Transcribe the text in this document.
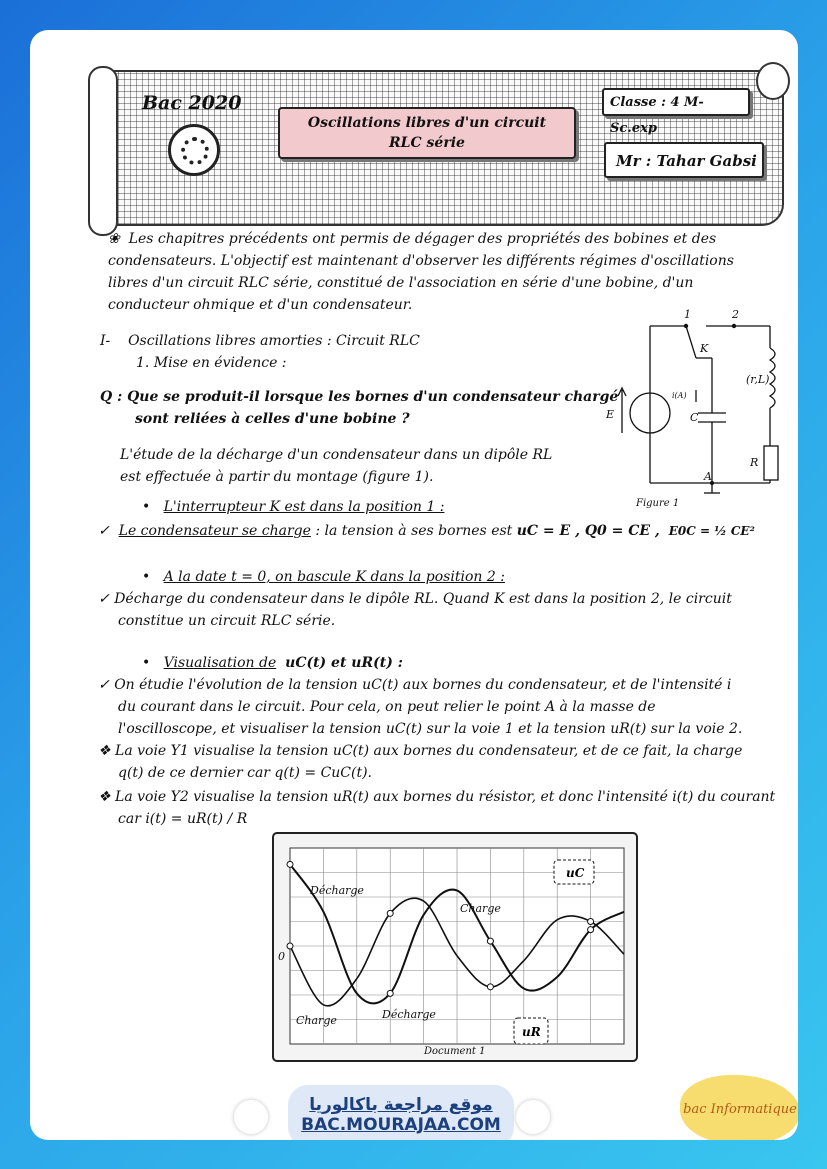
Bac 2020
Oscillations libres d'un circuit
RLC série
Classe : 4 M- Sc.exp
Mr : Tahar Gabsi
❀ Les chapitres précédents ont permis de dégager des propriétés des bobines et des
condensateurs. L'objectif est maintenant d'observer les différents régimes d'oscillations
libres d'un circuit RLC série, constitué de l'association en série d'une bobine, d'un
conducteur ohmique et d'un condensateur.
I- Oscillations libres amorties : Circuit RLC
1. Mise en évidence :
Q : Que se produit-il lorsque les bornes d'un condensateur chargé
sont reliées à celles d'une bobine ?
L'étude de la décharge d'un condensateur dans un dipôle RL
est effectuée à partir du montage (figure 1).
1	2
K
i(A)
(r,L)
C
E
R
A
Figure 1
•   L'interrupteur K est dans la position 1 :
✓  Le condensateur se charge : la tension à ses bornes est uC = E , Q0 = CE , E0C = ½ CE²
•   A la date t = 0, on bascule K dans la position 2 :
✓ Décharge du condensateur dans le dipôle RL. Quand K est dans la position 2, le circuit
constitue un circuit RLC série.
•   Visualisation de uC(t) et uR(t) :
✓ On étudie l'évolution de la tension uC(t) aux bornes du condensateur, et de l'intensité i
du courant dans le circuit. Pour cela, on peut relier le point A à la masse de
l'oscilloscope, et visualiser la tension uC(t) sur la voie 1 et la tension uR(t) sur la voie 2.
❖ La voie Y1 visualise la tension uC(t) aux bornes du condensateur, et de ce fait, la charge
q(t) de ce dernier car q(t) = CuC(t).
❖ La voie Y2 visualise la tension uR(t) aux bornes du résistor, et donc l'intensité i(t) du courant
car i(t) = uR(t) / R
0
Décharge
Charge
Charge	Décharge
Document 1
uC
uR
موقع مراجعة باكالوريا
BAC.MOURAJAA.COM
bac Informatique
